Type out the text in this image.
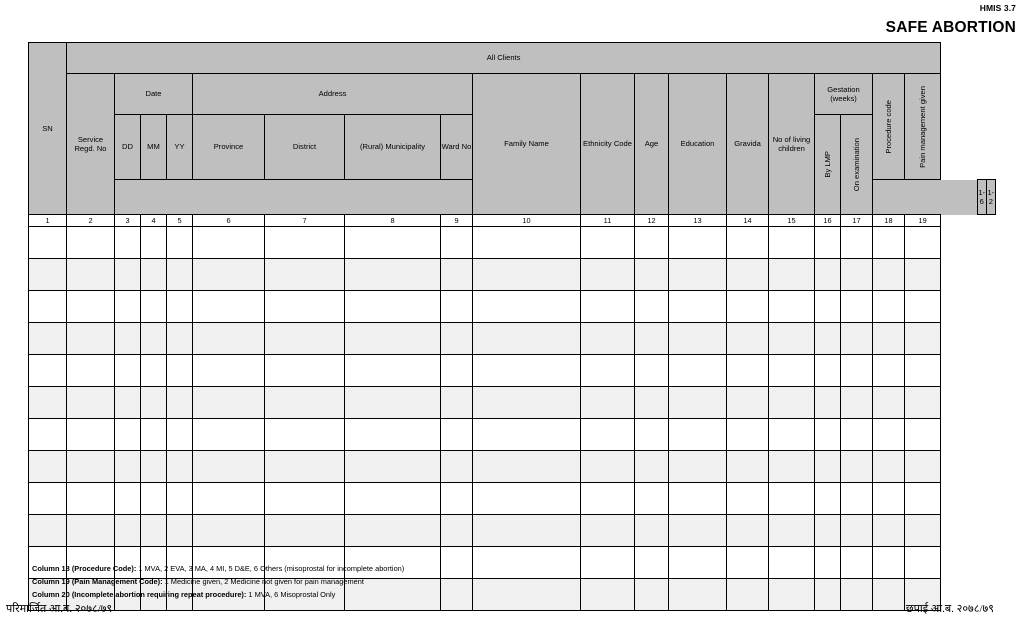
HMIS 3.7
SAFE ABORTION
SN	All Clients																							
	Service Regd. No	Date			Address				Family Name	Ethnicity Code	Age	Education	Gravida	No of living children	Gestation (weeks)		Procedure code	Pain management given						

		DD	MM	YY	Province	District	(Rural) Municipality	Ward No							By LMP	On examination								

																							1-6	1-2
1	2	3	4	5	6	7	8	9	10	11	12	13	14	15	16	17	18	19						

Column 18 (Procedure Code): 1 MVA, 2 EVA, 3 MA, 4 MI, 5 D&E, 6 Others (misoprostal for incomplete abortion)
Column 19 (Pain Management Code): 1 Medicine given, 2 Medicine not given for pain management
Column 20 (Incomplete abortion requiring repeat procedure): 1 MVA, 6 Misoprostal Only
परिमार्जित आ.ब. २०७८/७९	छपाई आ.ब. २०७८/७९
